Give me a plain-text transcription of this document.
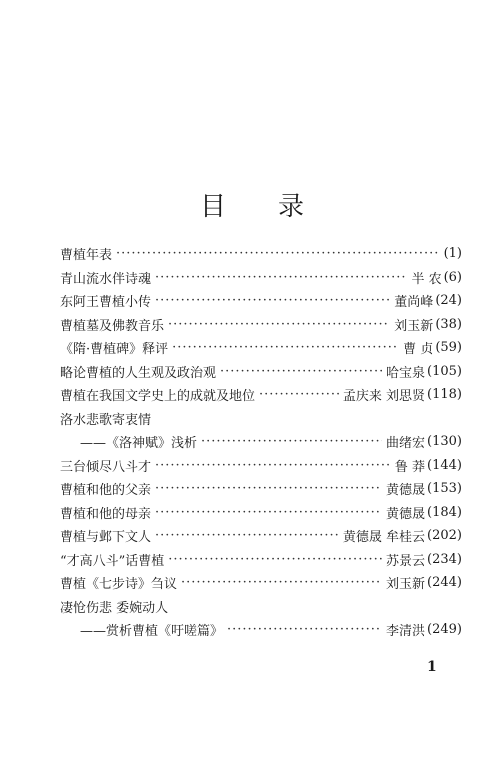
目录
曹植年表 ·····	(1)
青山流水伴诗魂 ·····	半 农 (6)
东阿王曹植小传 ·····	董尚峰 (24)
曹植墓及佛教音乐 ·····	刘玉新 (38)
《隋·曹植碑》释评 ·····	曹 贞 (59)
略论曹植的人生观及政治观 ·····	哈宝泉 (105)
曹植在我国文学史上的成就及地位 ·····	孟庆来 刘思贤 (118)
洛水悲歌寄衷情
——《洛神赋》浅析 ·····	曲绪宏 (130)
三台倾尽八斗才 ·····	鲁 莽 (144)
曹植和他的父亲 ·····	黄德晟 (153)
曹植和他的母亲 ·····	黄德晟 (184)
曹植与邺下文人 ·····	黄德晟 牟桂云 (202)
“才高八斗”话曹植 ·····	苏景云 (234)
曹植《七步诗》刍议 ·····	刘玉新 (244)
凄怆伤悲 委婉动人
——赏析曹植《吁嗟篇》 ·····	李清洪 (249)
1
